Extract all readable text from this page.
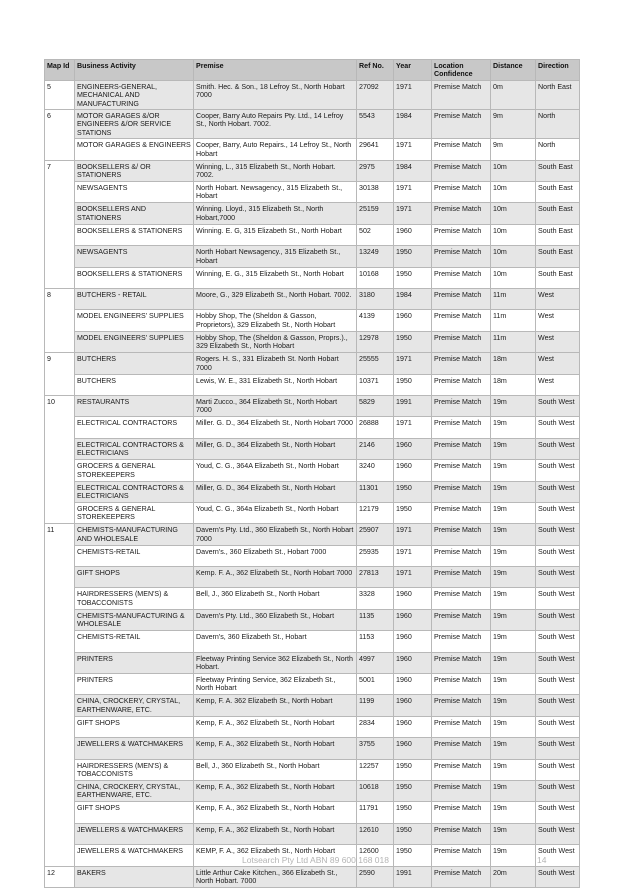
Map Id	Business Activity	Premise	Ref No.	Year	Location Confidence	Distance	Direction
5	ENGINEERS-GENERAL, MECHANICAL AND MANUFACTURING	Smith. Hec. & Son., 18 Lefroy St., North Hobart 7000	27092	1971	Premise Match	0m	North East
6	MOTOR GARAGES &/OR ENGINEERS &/OR SERVICE STATIONS	Cooper, Barry Auto Repairs Pty. Ltd., 14 Lefroy St., North Hobart. 7002.	5543	1984	Premise Match	9m	North
	MOTOR GARAGES & ENGINEERS	Cooper, Barry, Auto Repairs., 14 Lefroy St., North Hobart	29641	1971	Premise Match	9m	North
7	BOOKSELLERS &/ OR STATIONERS	Winning, L., 315 Elizabeth St., North Hobart. 7002.	2975	1984	Premise Match	10m	South East
	NEWSAGENTS	North Hobart. Newsagency., 315 Elizabeth St., Hobart	30138	1971	Premise Match	10m	South East
	BOOKSELLERS AND STATIONERS	Winning. Lloyd., 315 Elizabeth St., North Hobart,7000	25159	1971	Premise Match	10m	South East
	BOOKSELLERS & STATIONERS	Winning. E. G, 315 Elizabeth St., North Hobart	502	1960	Premise Match	10m	South East
	NEWSAGENTS	North Hobart Newsagency., 315 Elizabeth St., Hobart	13249	1950	Premise Match	10m	South East
	BOOKSELLERS & STATIONERS	Winning, E. G., 315 Elizabeth St., North Hobart	10168	1950	Premise Match	10m	South East
8	BUTCHERS - RETAIL	Moore, G., 329 Elizabeth St., North Hobart. 7002.	3180	1984	Premise Match	11m	West
	MODEL ENGINEERS' SUPPLIES	Hobby Shop, The (Sheldon & Gasson, Proprietors), 329 Elizabeth St., North Hobart	4139	1960	Premise Match	11m	West
	MODEL ENGINEERS' SUPPLIES	Hobby Shop, The (Sheldon & Gasson, Proprs.)., 329 Elizabeth St., North Hobart	12978	1950	Premise Match	11m	West
9	BUTCHERS	Rogers. H. S., 331 Elizabeth St. North Hobart 7000	25555	1971	Premise Match	18m	West
	BUTCHERS	Lewis, W. E., 331 Elizabeth St., North Hobart	10371	1950	Premise Match	18m	West
10	RESTAURANTS	Marti Zucco., 364 Elizabeth St., North Hobart 7000	5829	1991	Premise Match	19m	South West
	ELECTRICAL CONTRACTORS	Miller. G. D., 364 Elizabeth St., North Hobart 7000	26888	1971	Premise Match	19m	South West
	ELECTRICAL CONTRACTORS & ELECTRICIANS	Miller, G. D., 364 Elizabeth St., North Hobart	2146	1960	Premise Match	19m	South West
	GROCERS & GENERAL STOREKEEPERS	Youd, C. G., 364A Elizabeth St., North Hobart	3240	1960	Premise Match	19m	South West
	ELECTRICAL CONTRACTORS & ELECTRICIANS	Miller, G. D., 364 Elizabeth St., North Hobart	11301	1950	Premise Match	19m	South West
	GROCERS & GENERAL STOREKEEPERS	Youd, C. G., 364a Elizabeth St., North Hobart	12179	1950	Premise Match	19m	South West
11	CHEMISTS-MANUFACTURING AND WHOLESALE	Davern's Pty. Ltd., 360 Elizabeth St., North Hobart 7000	25907	1971	Premise Match	19m	South West
	CHEMISTS-RETAIL	Davern's., 360 Elizabeth St., Hobart 7000	25935	1971	Premise Match	19m	South West
	GIFT SHOPS	Kemp. F. A., 362 Elizabeth St., North Hobart 7000	27813	1971	Premise Match	19m	South West
	HAIRDRESSERS (MEN'S) & TOBACCONISTS	Bell, J., 360 Elizabeth St., North Hobart	3328	1960	Premise Match	19m	South West
	CHEMISTS-MANUFACTURING & WHOLESALE	Davern's Pty. Ltd., 360 Elizabeth St., Hobart	1135	1960	Premise Match	19m	South West
	CHEMISTS-RETAIL	Davern's, 360 Elizabeth St., Hobart	1153	1960	Premise Match	19m	South West
	PRINTERS	Fleetway Printing Service 362 Elizabeth St., North Hobart.	4997	1960	Premise Match	19m	South West
	PRINTERS	Fleetway Printing Service, 362 Elizabeth St., North Hobart	5001	1960	Premise Match	19m	South West
	CHINA, CROCKERY, CRYSTAL, EARTHENWARE, ETC.	Kemp, F. A. 362 Elizabeth St., North Hobart	1199	1960	Premise Match	19m	South West
	GIFT SHOPS	Kemp, F. A., 362 Elizabeth St., North Hobart	2834	1960	Premise Match	19m	South West
	JEWELLERS & WATCHMAKERS	Kemp, F. A., 362 Elizabeth St., North Hobart	3755	1960	Premise Match	19m	South West
	HAIRDRESSERS (MEN'S) & TOBACCONISTS	Bell, J., 360 Elizabeth St., North Hobart	12257	1950	Premise Match	19m	South West
	CHINA, CROCKERY, CRYSTAL, EARTHENWARE, ETC.	Kemp, F. A., 362 Elizabeth St., North Hobart	10618	1950	Premise Match	19m	South West
	GIFT SHOPS	Kemp, F. A., 362 Elizabeth St., North Hobart	11791	1950	Premise Match	19m	South West
	JEWELLERS & WATCHMAKERS	Kemp, F. A., 362 Elizabeth St., North Hobart	12610	1950	Premise Match	19m	South West
	JEWELLERS & WATCHMAKERS	KEMP, F. A., 362 Elizabeth St., North Hobart	12600	1950	Premise Match	19m	South West
12	BAKERS	Little Arthur Cake Kitchen., 366 Elizabeth St., North Hobart. 7000	2590	1991	Premise Match	20m	South West
Lotsearch Pty Ltd ABN 89 600 168 018	14
